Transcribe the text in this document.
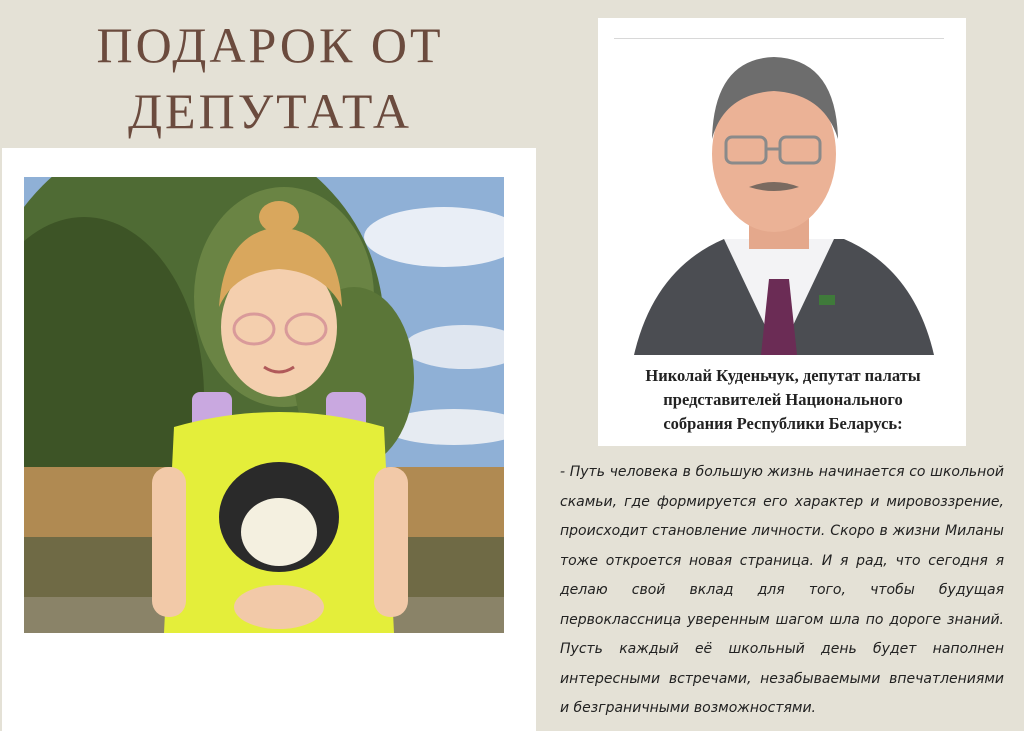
ПОДАРОК ОТ
ДЕПУТАТА
Николай Куденьчук, депутат палаты
представителей Национального
собрания Республики Беларусь:
- Путь человека в большую жизнь начинается со школьной скамьи, где формируется его характер и мировоззрение, происходит становление личности. Скоро в жизни Миланы тоже откроется новая страница. И я рад, что сегодня я делаю свой вклад для того, чтобы будущая первоклассница уверенным шагом шла по дороге знаний. Пусть каждый её школьный день будет наполнен интересными встречами, незабываемыми впечатлениями и безграничными возможностями.
